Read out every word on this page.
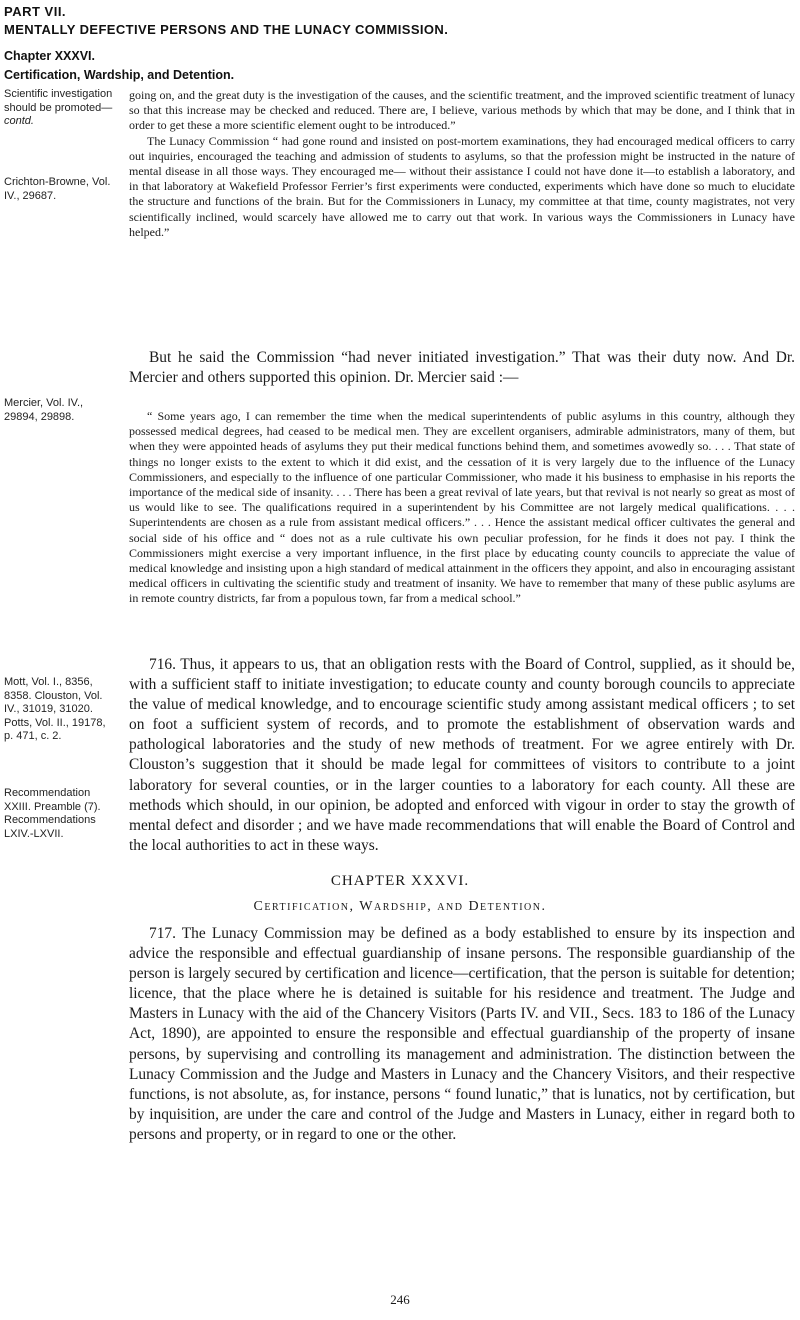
PART VII.
MENTALLY DEFECTIVE PERSONS AND THE LUNACY COMMISSION.
Chapter XXXVI.
Certification, Wardship, and Detention.
Scientific investigation should be promoted—contd.
Crichton-Browne, Vol. IV., 29687.
Mercier, Vol. IV., 29894, 29898.
Mott, Vol. I., 8356, 8358. Clouston, Vol. IV., 31019, 31020. Potts, Vol. II., 19178, p. 471, c. 2.
Recommendation XXIII. Preamble (7). Recommendations LXIV.-LXVII.

going on, and the great duty is the investigation of the causes, and the scientific treatment, and the improved scientific treatment of lunacy so that this increase may be checked and reduced. There are, I believe, various methods by which that may be done, and I think that in order to get these a more scientific element ought to be introduced.”

The Lunacy Commission “ had gone round and insisted on post-mortem examinations, they had encouraged medical officers to carry out inquiries, encouraged the teaching and admission of students to asylums, so that the profession might be instructed in the nature of mental disease in all those ways. They encouraged me— without their assistance I could not have done it—to establish a laboratory, and in that laboratory at Wakefield Professor Ferrier’s first experiments were conducted, experiments which have done so much to elucidate the structure and functions of the brain. But for the Commissioners in Lunacy, my committee at that time, county magistrates, not very scientifically inclined, would scarcely have allowed me to carry out that work. In various ways the Commissioners in Lunacy have helped.”

But he said the Commission “had never initiated investigation.” That was their duty now. And Dr. Mercier and others supported this opinion. Dr. Mercier said :—

“ Some years ago, I can remember the time when the medical superintendents of public asylums in this country, although they possessed medical degrees, had ceased to be medical men. They are excellent organisers, admirable administrators, many of them, but when they were appointed heads of asylums they put their medical functions behind them, and sometimes avowedly so. . . . That state of things no longer exists to the extent to which it did exist, and the cessation of it is very largely due to the influence of the Lunacy Commissioners, and especially to the influence of one particular Commissioner, who made it his business to emphasise in his reports the importance of the medical side of insanity. . . . There has been a great revival of late years, but that revival is not nearly so great as most of us would like to see. The qualifications required in a superintendent by his Committee are not largely medical qualifications. . . . Superintendents are chosen as a rule from assistant medical officers.” . . . Hence the assistant medical officer cultivates the general and social side of his office and “ does not as a rule cultivate his own peculiar profession, for he finds it does not pay. I think the Commissioners might exercise a very important influence, in the first place by educating county councils to appreciate the value of medical knowledge and insisting upon a high standard of medical attainment in the officers they appoint, and also in encouraging assistant medical officers in cultivating the scientific study and treatment of insanity. We have to remember that many of these public asylums are in remote country districts, far from a populous town, far from a medical school.”

716. Thus, it appears to us, that an obligation rests with the Board of Control, supplied, as it should be, with a sufficient staff to initiate investigation; to educate county and county borough councils to appreciate the value of medical knowledge, and to encourage scientific study among assistant medical officers ; to set on foot a sufficient system of records, and to promote the establishment of observation wards and pathological laboratories and the study of new methods of treatment. For we agree entirely with Dr. Clouston’s suggestion that it should be made legal for committees of visitors to contribute to a joint laboratory for several counties, or in the larger counties to a laboratory for each county. All these are methods which should, in our opinion, be adopted and enforced with vigour in order to stay the growth of mental defect and disorder ; and we have made recommendations that will enable the Board of Control and the local authorities to act in these ways.

CHAPTER XXXVI.
Certification, Wardship, and Detention.

717. The Lunacy Commission may be defined as a body established to ensure by its inspection and advice the responsible and effectual guardianship of insane persons. The responsible guardianship of the person is largely secured by certification and licence—certification, that the person is suitable for detention; licence, that the place where he is detained is suitable for his residence and treatment. The Judge and Masters in Lunacy with the aid of the Chancery Visitors (Parts IV. and VII., Secs. 183 to 186 of the Lunacy Act, 1890), are appointed to ensure the responsible and effectual guardianship of the property of insane persons, by supervising and controlling its management and administration. The distinction between the Lunacy Commission and the Judge and Masters in Lunacy and the Chancery Visitors, and their respective functions, is not absolute, as, for instance, persons “ found lunatic,” that is lunatics, not by certification, but by inquisition, are under the care and control of the Judge and Masters in Lunacy, either in regard both to persons and property, or in regard to one or the other.

246
